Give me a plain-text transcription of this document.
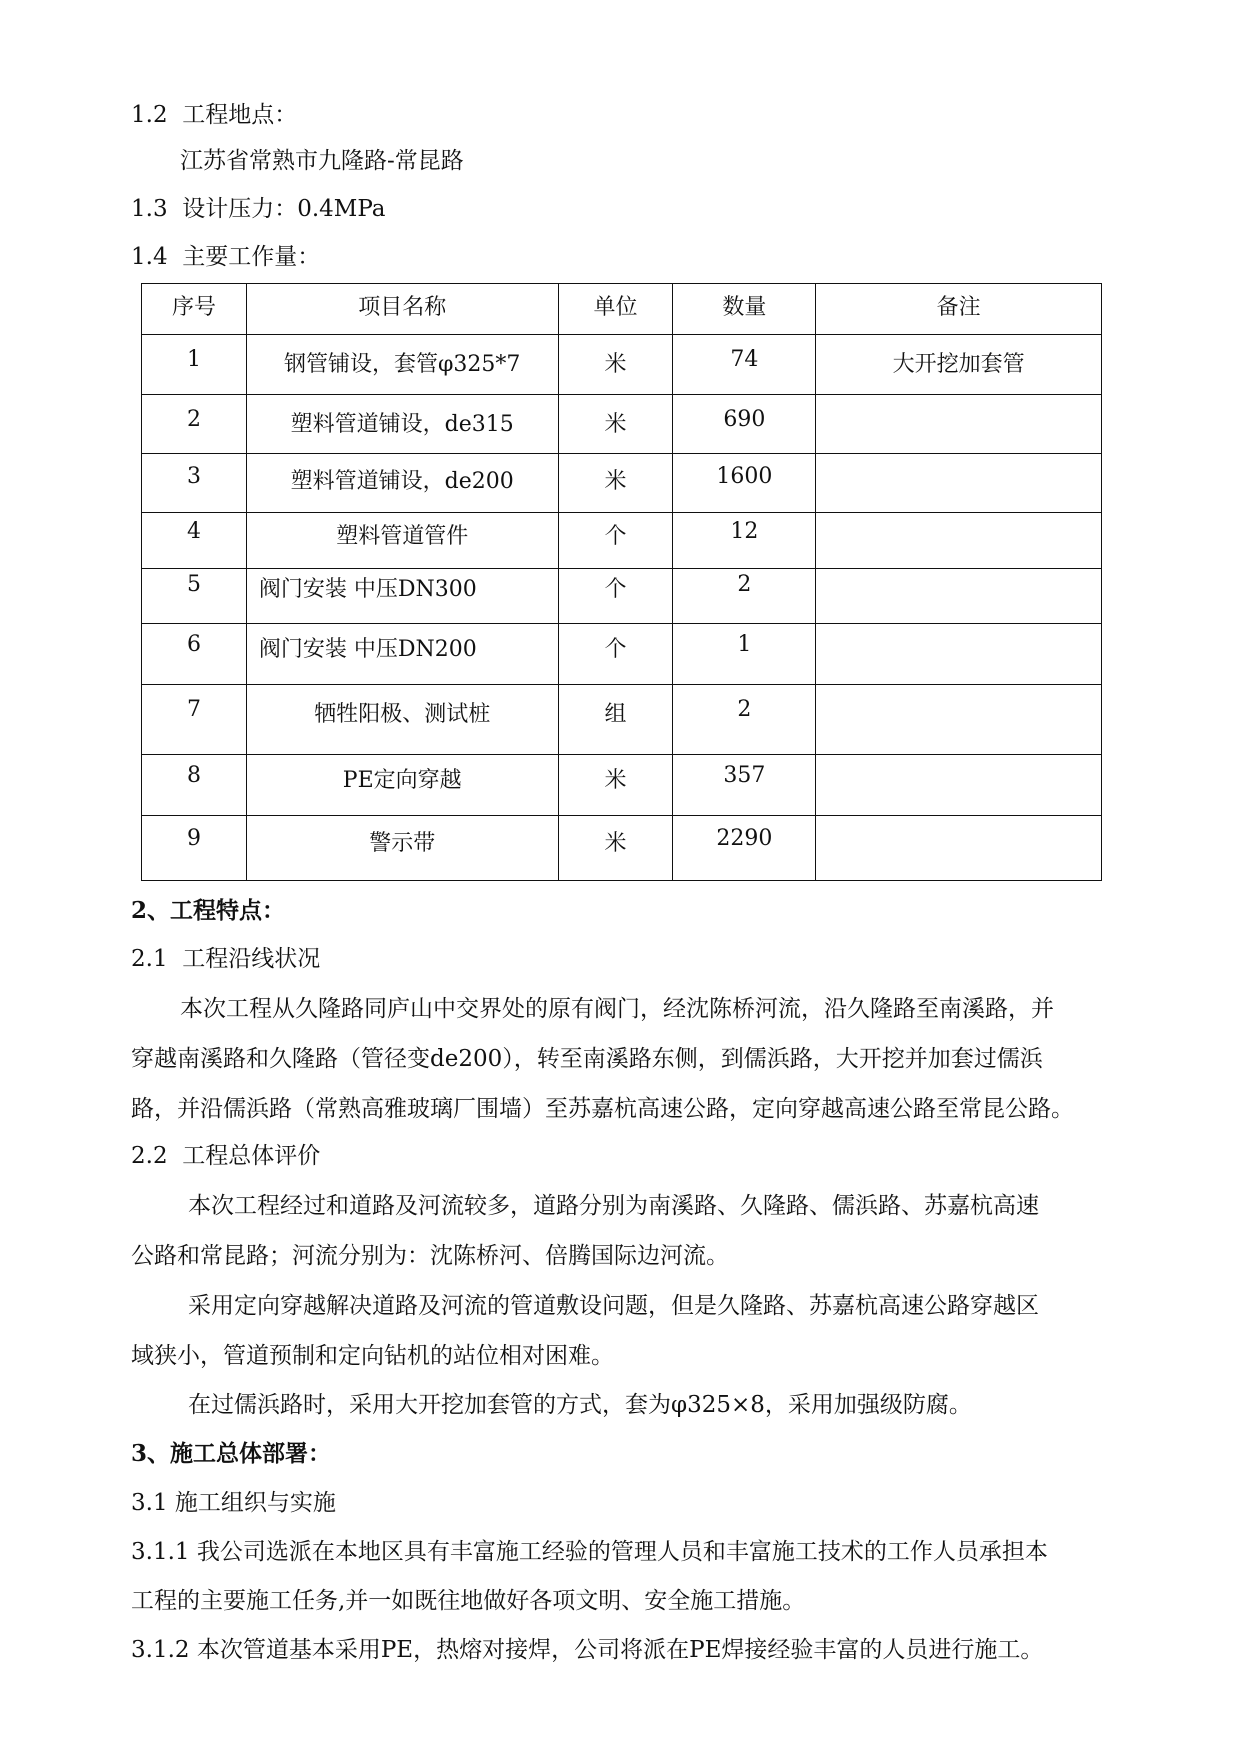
1.2 工程地点：
江苏省常熟市九隆路-常昆路
1.3 设计压力：0.4MPa
1.4 主要工作量：
序号	项目名称	单位	数量	备注
1	钢管铺设，套管φ325*7	米	74	大开挖加套管
2	塑料管道铺设，de315	米	690	
3	塑料管道铺设，de200	米	1600	
4	塑料管道管件	个	12	
5	阀门安装 中压DN300	个	2	
6	阀门安装 中压DN200	个	1	
7	牺牲阳极、测试桩	组	2	
8	PE定向穿越	米	357	
9	警示带	米	2290	
2、工程特点：
2.1 工程沿线状况
本次工程从久隆路同庐山中交界处的原有阀门，经沈陈桥河流，沿久隆路至南溪路，并
穿越南溪路和久隆路（管径变de200），转至南溪路东侧，到儒浜路，大开挖并加套过儒浜
路，并沿儒浜路（常熟高雅玻璃厂围墙）至苏嘉杭高速公路，定向穿越高速公路至常昆公路。
2.2 工程总体评价
本次工程经过和道路及河流较多，道路分别为南溪路、久隆路、儒浜路、苏嘉杭高速
公路和常昆路；河流分别为：沈陈桥河、倍腾国际边河流。
采用定向穿越解决道路及河流的管道敷设问题，但是久隆路、苏嘉杭高速公路穿越区
域狭小，管道预制和定向钻机的站位相对困难。
在过儒浜路时，采用大开挖加套管的方式，套为φ325×8，采用加强级防腐。
3、施工总体部署：
3.1 施工组织与实施
3.1.1 我公司选派在本地区具有丰富施工经验的管理人员和丰富施工技术的工作人员承担本
工程的主要施工任务,并一如既往地做好各项文明、安全施工措施。
3.1.2 本次管道基本采用PE，热熔对接焊，公司将派在PE焊接经验丰富的人员进行施工。
